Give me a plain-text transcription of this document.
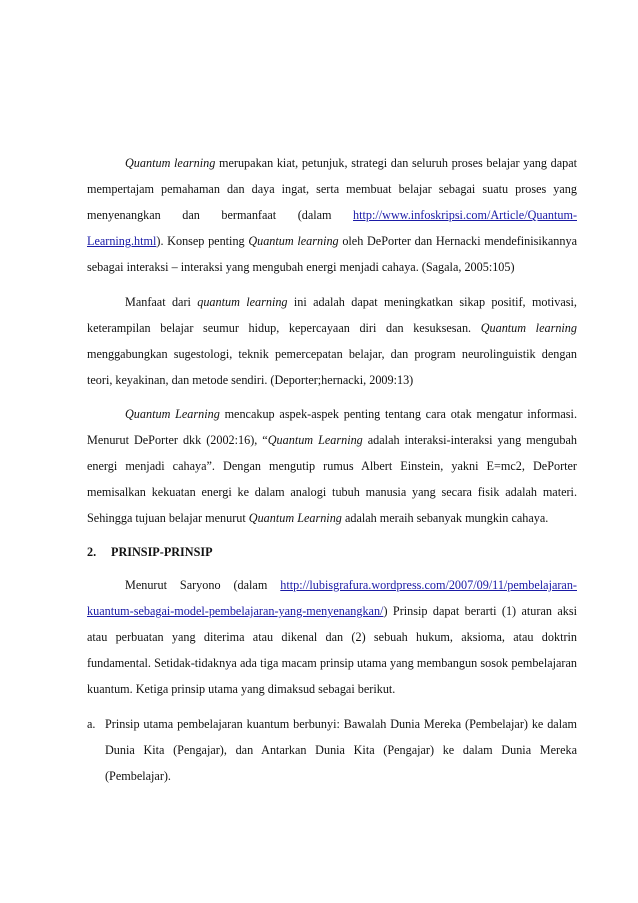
Quantum learning merupakan kiat, petunjuk, strategi dan seluruh proses belajar yang dapat mempertajam pemahaman dan daya ingat, serta membuat belajar sebagai suatu proses yang menyenangkan dan bermanfaat (dalam http://www.infoskripsi.com/Article/Quantum-Learning.html). Konsep penting Quantum learning oleh DePorter dan Hernacki mendefinisikannya sebagai interaksi – interaksi yang mengubah energi menjadi cahaya. (Sagala, 2005:105)

Manfaat dari quantum learning ini adalah dapat meningkatkan sikap positif, motivasi, keterampilan belajar seumur hidup, kepercayaan diri dan kesuksesan. Quantum learning menggabungkan sugestologi, teknik pemercepatan belajar, dan program neurolinguistik dengan teori, keyakinan, dan metode sendiri. (Deporter;hernacki, 2009:13)

Quantum Learning mencakup aspek-aspek penting tentang cara otak mengatur informasi. Menurut DePorter dkk (2002:16), “Quantum Learning adalah interaksi-interaksi yang mengubah energi menjadi cahaya”. Dengan mengutip rumus Albert Einstein, yakni E=mc2, DePorter memisalkan kekuatan energi ke dalam analogi tubuh manusia yang secara fisik adalah materi. Sehingga tujuan belajar menurut Quantum Learning adalah meraih sebanyak mungkin cahaya.

2. PRINSIP-PRINSIP

Menurut Saryono (dalam http://lubisgrafura.wordpress.com/2007/09/11/pembelajaran-kuantum-sebagai-model-pembelajaran-yang-menyenangkan/) Prinsip dapat berarti (1) aturan aksi atau perbuatan yang diterima atau dikenal dan (2) sebuah hukum, aksioma, atau doktrin fundamental. Setidak-tidaknya ada tiga macam prinsip utama yang membangun sosok pembelajaran kuantum. Ketiga prinsip utama yang dimaksud sebagai berikut.

a. Prinsip utama pembelajaran kuantum berbunyi: Bawalah Dunia Mereka (Pembelajar) ke dalam Dunia Kita (Pengajar), dan Antarkan Dunia Kita (Pengajar) ke dalam Dunia Mereka (Pembelajar).
